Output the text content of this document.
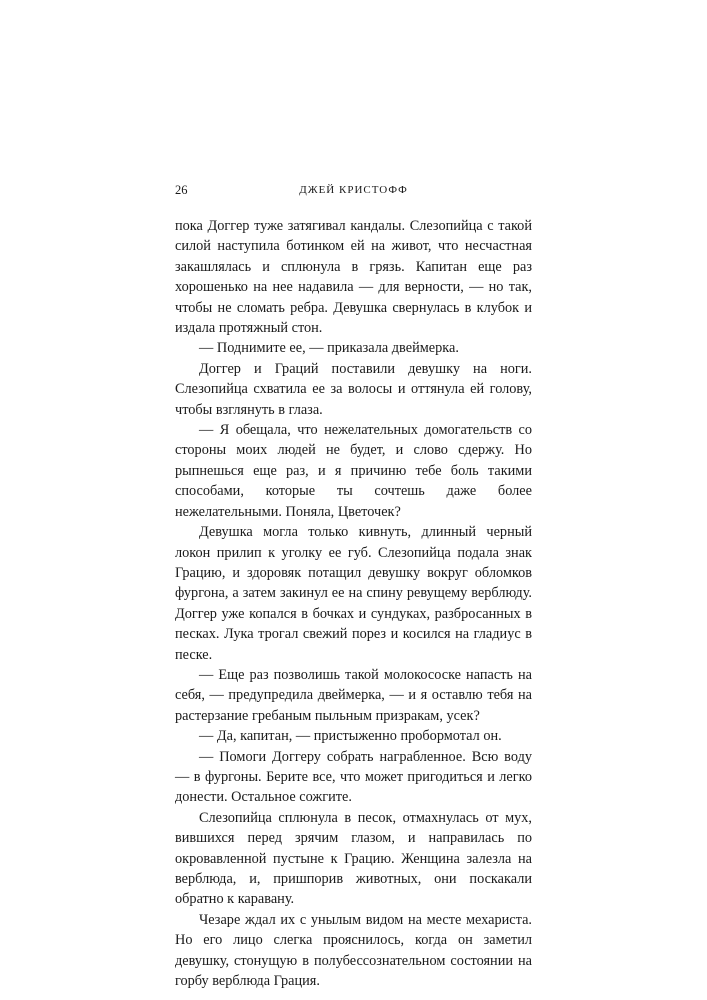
26	ДЖЕЙ КРИСТОФФ

пока Доггер туже затягивал кандалы. Слезопийца с такой силой наступила ботинком ей на живот, что несчастная закашлялась и сплюнула в грязь. Капитан еще раз хорошенько на нее надавила — для верности, — но так, чтобы не сломать ребра. Девушка свернулась в клубок и издала протяжный стон.

— Поднимите ее, — приказала двеймерка.

Доггер и Граций поставили девушку на ноги. Слезопийца схватила ее за волосы и оттянула ей голову, чтобы взглянуть в глаза.

— Я обещала, что нежелательных домогательств со стороны моих людей не будет, и слово сдержу. Но рыпнешься еще раз, и я причиню тебе боль такими способами, которые ты сочтешь даже более нежелательными. Поняла, Цветочек?

Девушка могла только кивнуть, длинный черный локон прилип к уголку ее губ. Слезопийца подала знак Грацию, и здоровяк потащил девушку вокруг обломков фургона, а затем закинул ее на спину ревущему верблюду. Доггер уже копался в бочках и сундуках, разбросанных в песках. Лука трогал свежий порез и косился на гладиус в песке.

— Еще раз позволишь такой молокососке напасть на себя, — предупредила двеймерка, — и я оставлю тебя на растерзание гребаным пыльным призракам, усек?

— Да, капитан, — пристыженно пробормотал он.

— Помоги Доггеру собрать награбленное. Всю воду — в фургоны. Берите все, что может пригодиться и легко донести. Остальное сожгите.

Слезопийца сплюнула в песок, отмахнулась от мух, вившихся перед зрячим глазом, и направилась по окровавленной пустыне к Грацию. Женщина залезла на верблюда, и, пришпорив животных, они поскакали обратно к каравану.

Чезаре ждал их с унылым видом на месте мехариста. Но его лицо слегка прояснилось, когда он заметил девушку, стонущую в полубессознательном состоянии на горбу верблюда Грация.
